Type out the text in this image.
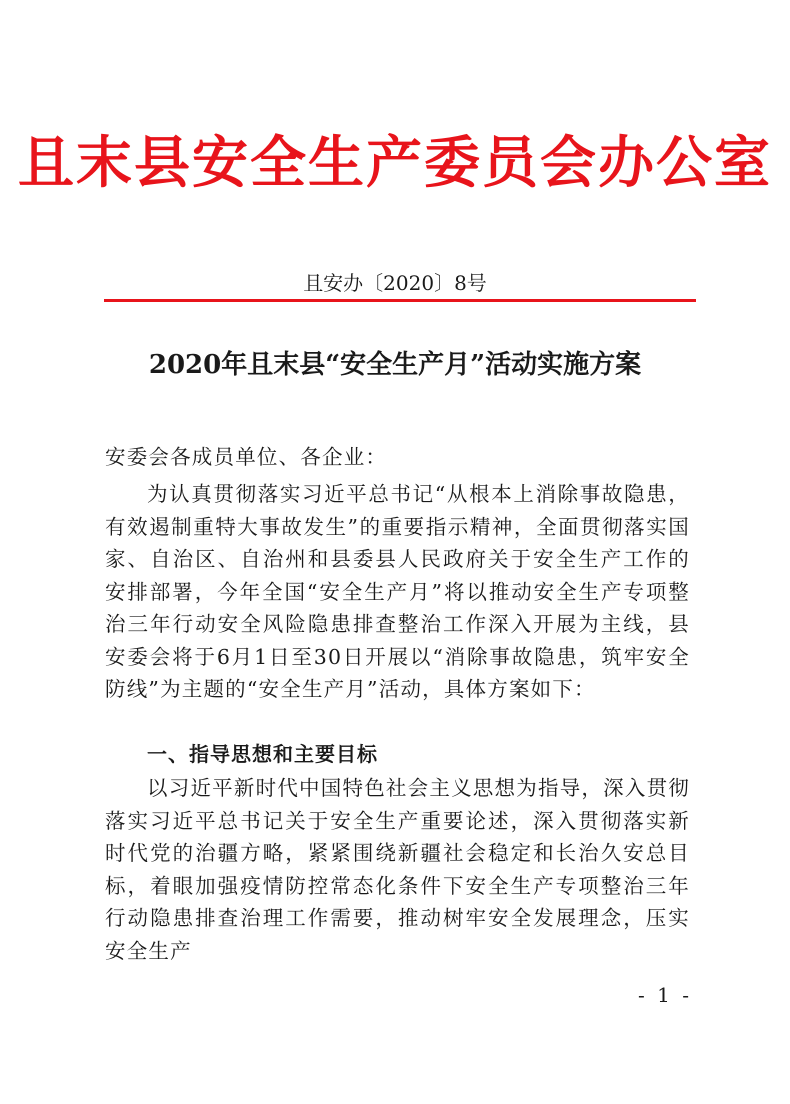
且末县安全生产委员会办公室
且安办〔2020〕8号
2020年且末县“安全生产月”活动实施方案
安委会各成员单位、各企业：
为认真贯彻落实习近平总书记“从根本上消除事故隐患，有效遏制重特大事故发生”的重要指示精神，全面贯彻落实国家、自治区、自治州和县委县人民政府关于安全生产工作的安排部署，今年全国“安全生产月”将以推动安全生产专项整治三年行动安全风险隐患排查整治工作深入开展为主线，县安委会将于6月1日至30日开展以“消除事故隐患，筑牢安全防线”为主题的“安全生产月”活动，具体方案如下：
一、指导思想和主要目标
以习近平新时代中国特色社会主义思想为指导，深入贯彻落实习近平总书记关于安全生产重要论述，深入贯彻落实新时代党的治疆方略，紧紧围绕新疆社会稳定和长治久安总目标，着眼加强疫情防控常态化条件下安全生产专项整治三年行动隐患排查治理工作需要，推动树牢安全发展理念，压实安全生产
- 1 -
